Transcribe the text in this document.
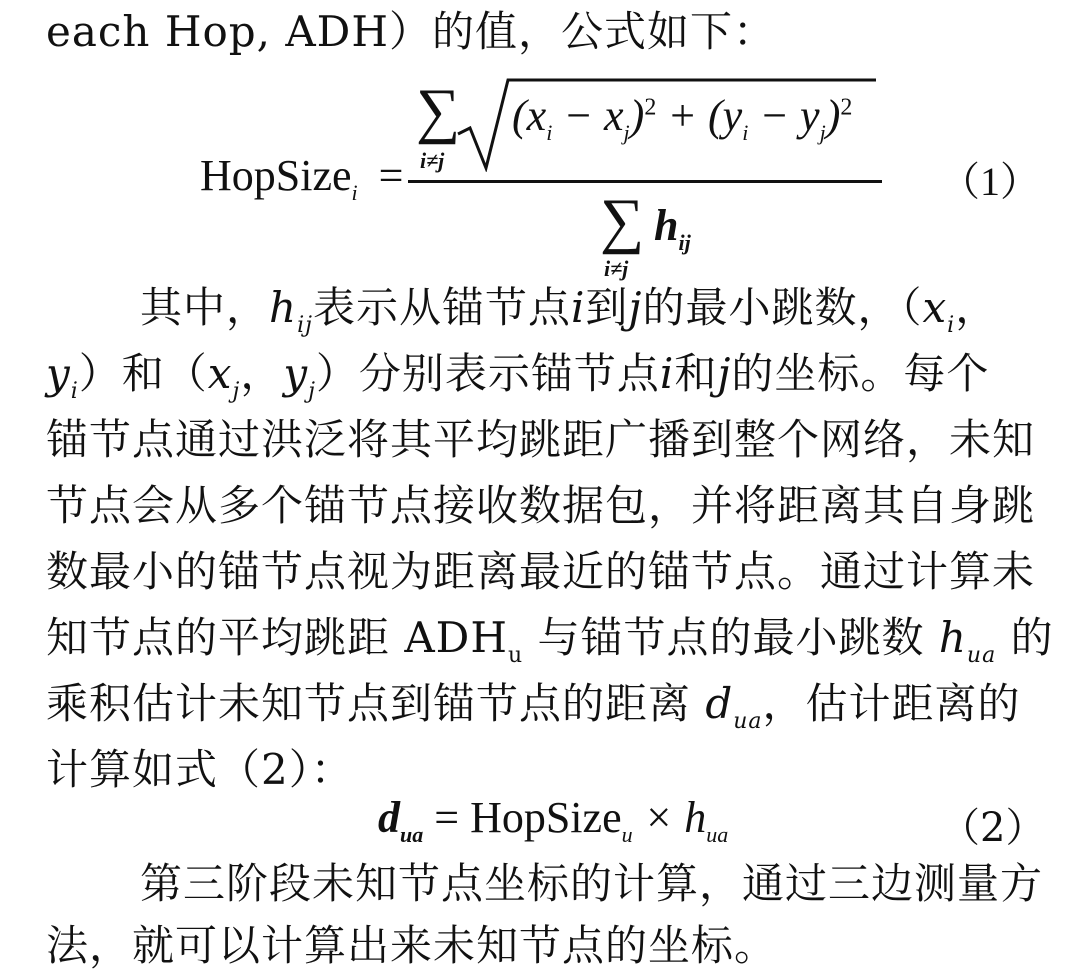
each Hop, ADH）的值，公式如下：
HopSize$_i$ =
∑
i≠j
$(x_i - x_j)^2 + (y_i - y_j)^2$
∑
i≠j
$h_{ij}$
（1）
其中，$h_{ij}$表示从锚节点i到j的最小跳数，（$x_i$，
$y_i$）和（$x_j$，$y_j$）分别表示锚节点i和j的坐标。每个
锚节点通过洪泛将其平均跳距广播到整个网络，未知
节点会从多个锚节点接收数据包，并将距离其自身跳
数最小的锚节点视为距离最近的锚节点。通过计算未
知节点的平均跳距 $ADH_u$ 与锚节点的最小跳数 $h_{ua}$ 的
乘积估计未知节点到锚节点的距离 $d_{ua}$，估计距离的
计算如式（2）：
$d_{ua}$ = HopSize$_u$ × $h_{ua}$	（2）
第三阶段未知节点坐标的计算，通过三边测量方
法，就可以计算出来未知节点的坐标。
